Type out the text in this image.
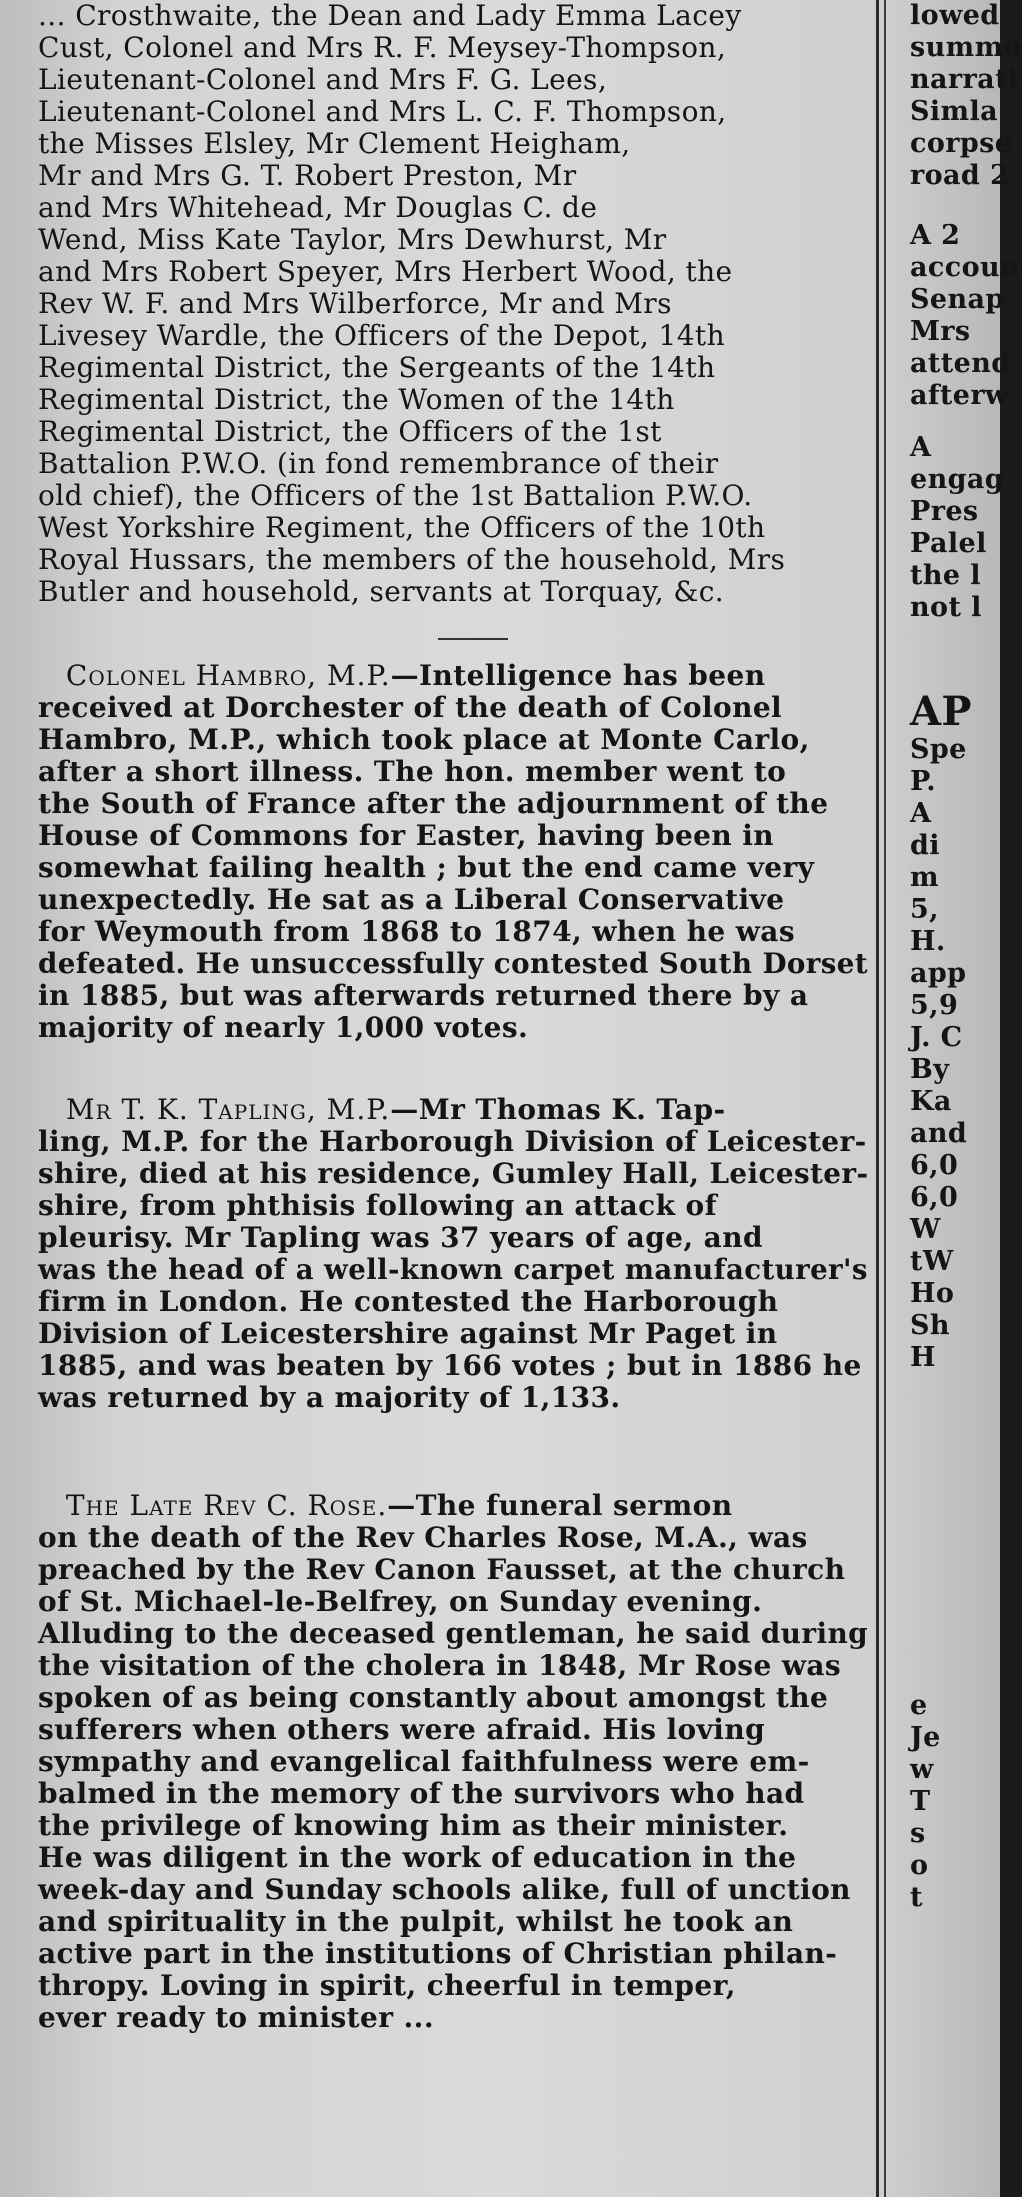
... Crosthwaite, the Dean and Lady Emma Lacey
Cust, Colonel and Mrs R. F. Meysey-Thompson,
Lieutenant-Colonel and Mrs F. G. Lees,
Lieutenant-Colonel and Mrs L. C. F. Thompson,
the Misses Elsley, Mr Clement Heigham,
Mr and Mrs G. T. Robert Preston, Mr
and Mrs Whitehead, Mr Douglas C. de
Wend, Miss Kate Taylor, Mrs Dewhurst, Mr
and Mrs Robert Speyer, Mrs Herbert Wood, the
Rev W. F. and Mrs Wilberforce, Mr and Mrs
Livesey Wardle, the Officers of the Depot, 14th
Regimental District, the Sergeants of the 14th
Regimental District, the Women of the 14th
Regimental District, the Officers of the 1st
Battalion P.W.O. (in fond remembrance of their
old chief), the Officers of the 1st Battalion P.W.O.
West Yorkshire Regiment, the Officers of the 10th
Royal Hussars, the members of the household, Mrs
Butler and household, servants at Torquay, &c.
Colonel Hambro, M.P.—Intelligence has been
received at Dorchester of the death of Colonel
Hambro, M.P., which took place at Monte Carlo,
after a short illness. The hon. member went to
the South of France after the adjournment of the
House of Commons for Easter, having been in
somewhat failing health ; but the end came very
unexpectedly. He sat as a Liberal Conservative
for Weymouth from 1868 to 1874, when he was
defeated. He unsuccessfully contested South Dorset
in 1885, but was afterwards returned there by a
majority of nearly 1,000 votes.
Mr T. K. Tapling, M.P.—Mr Thomas K. Tap-
ling, M.P. for the Harborough Division of Leicester-
shire, died at his residence, Gumley Hall, Leicester-
shire, from phthisis following an attack of
pleurisy. Mr Tapling was 37 years of age, and
was the head of a well-known carpet manufacturer's
firm in London. He contested the Harborough
Division of Leicestershire against Mr Paget in
1885, and was beaten by 166 votes ; but in 1886 he
was returned by a majority of 1,133.
The Late Rev C. Rose.—The funeral sermon
on the death of the Rev Charles Rose, M.A., was
preached by the Rev Canon Fausset, at the church
of St. Michael-le-Belfrey, on Sunday evening.
Alluding to the deceased gentleman, he said during
the visitation of the cholera in 1848, Mr Rose was
spoken of as being constantly about amongst the
sufferers when others were afraid. His loving
sympathy and evangelical faithfulness were em-
balmed in the memory of the survivors who had
the privilege of knowing him as their minister.
He was diligent in the work of education in the
week-day and Sunday schools alike, full of unction
and spirituality in the pulpit, whilst he took an
active part in the institutions of Christian philan-
thropy. Loving in spirit, cheerful in temper,
ever ready to minister ...
lowed
summo
narrati
Simla
corpse
road 2
A 2
accoun
Senap
Mrs
attend
afterw
A
engag
Pres
Palel
the l
not l
AP
Spe
P.
A
di
m
5,
H.
app
5,9
J. C
By
Ka
and
6,0
6,0
W
tW
Ho
Sh
H
e
Je
w
T
s
o
t
